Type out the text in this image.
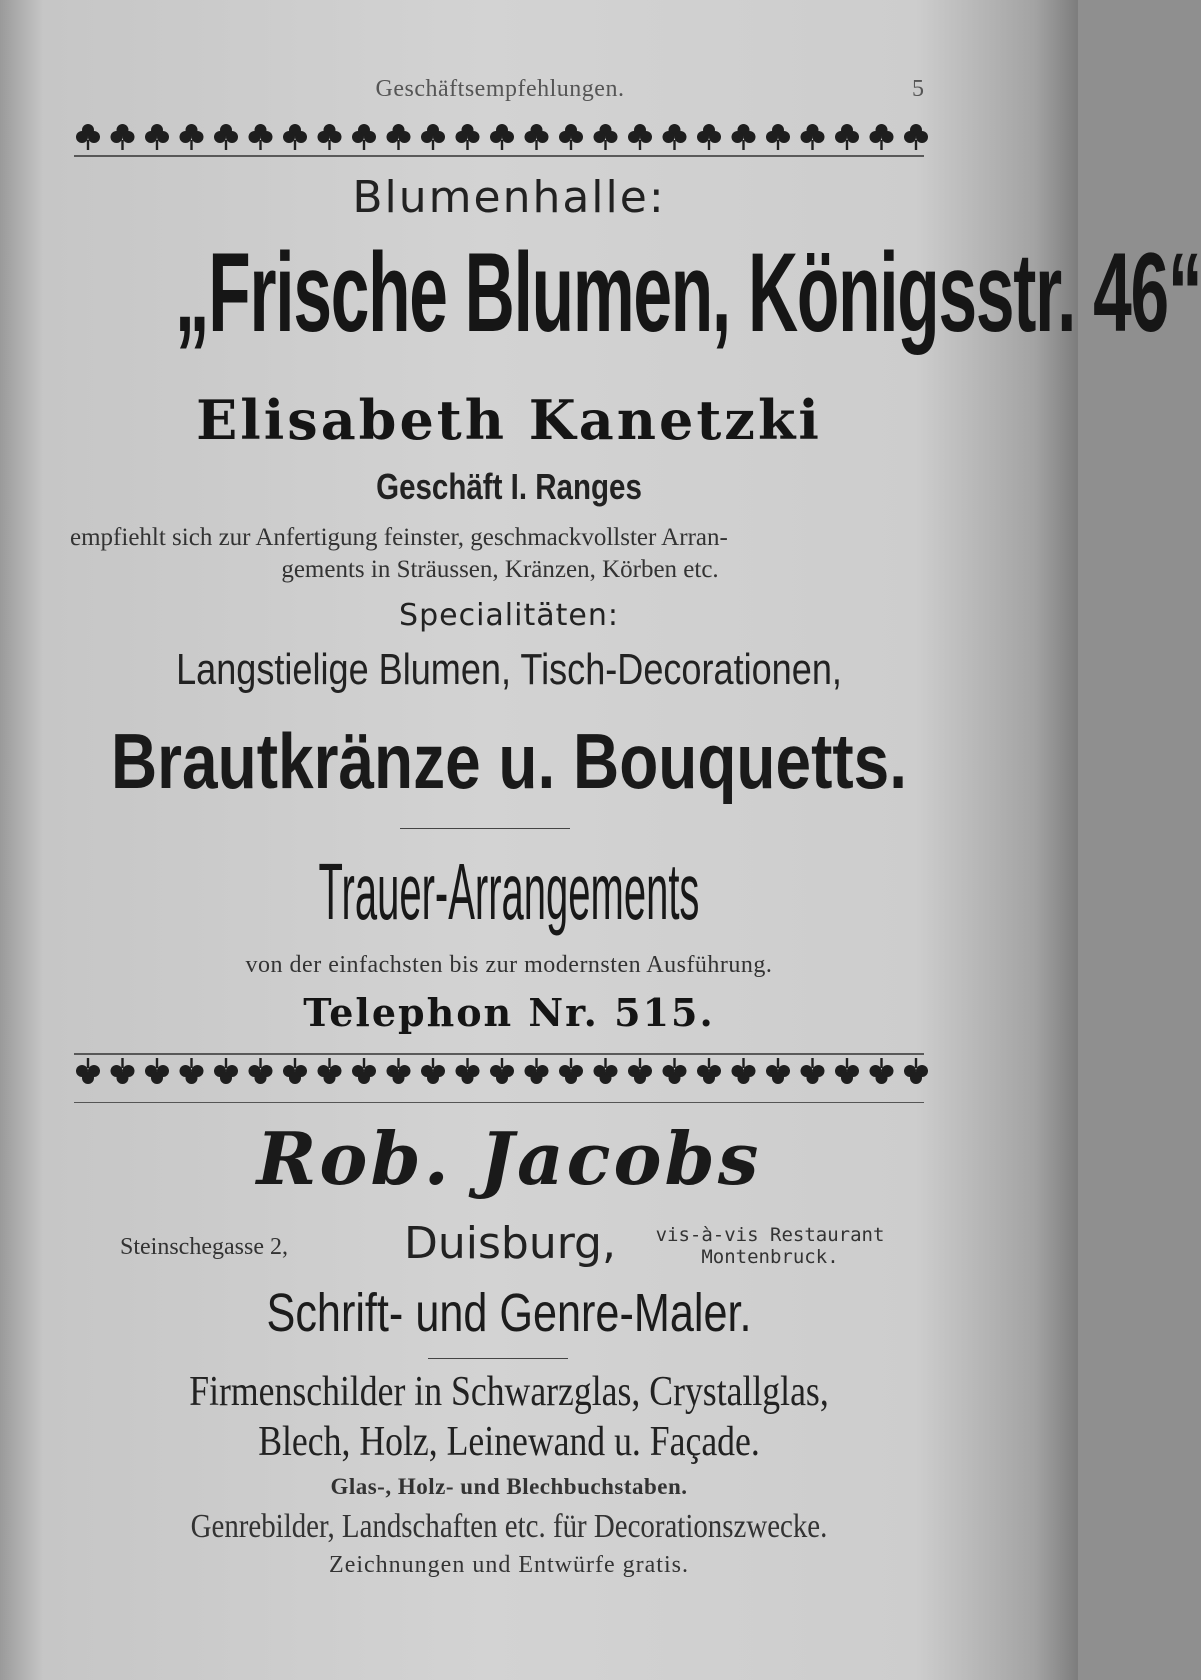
Geschäftsempfehlungen.	5
Blumenhalle:
„Frische Blumen, Königsstr. 46“
Elisabeth Kanetzki
Geschäft I. Ranges
empfiehlt sich zur Anfertigung feinster, geschmackvollster Arran-
gements in Sträussen, Kränzen, Körben etc.
Specialitäten:
Langstielige Blumen, Tisch-Decorationen,
Brautkränze u. Bouquetts.
Trauer-Arrangements
von der einfachsten bis zur modernsten Ausführung.
Telephon Nr. 515.
Rob. Jacobs
Steinschegasse 2,	Duisburg,	vis-à-vis Restaurant
Montenbruck.
Schrift- und Genre-Maler.
Firmenschilder in Schwarzglas, Crystallglas,
Blech, Holz, Leinewand u. Façade.
Glas-, Holz- und Blechbuchstaben.
Genrebilder, Landschaften etc. für Decorationszwecke.
Zeichnungen und Entwürfe gratis.
